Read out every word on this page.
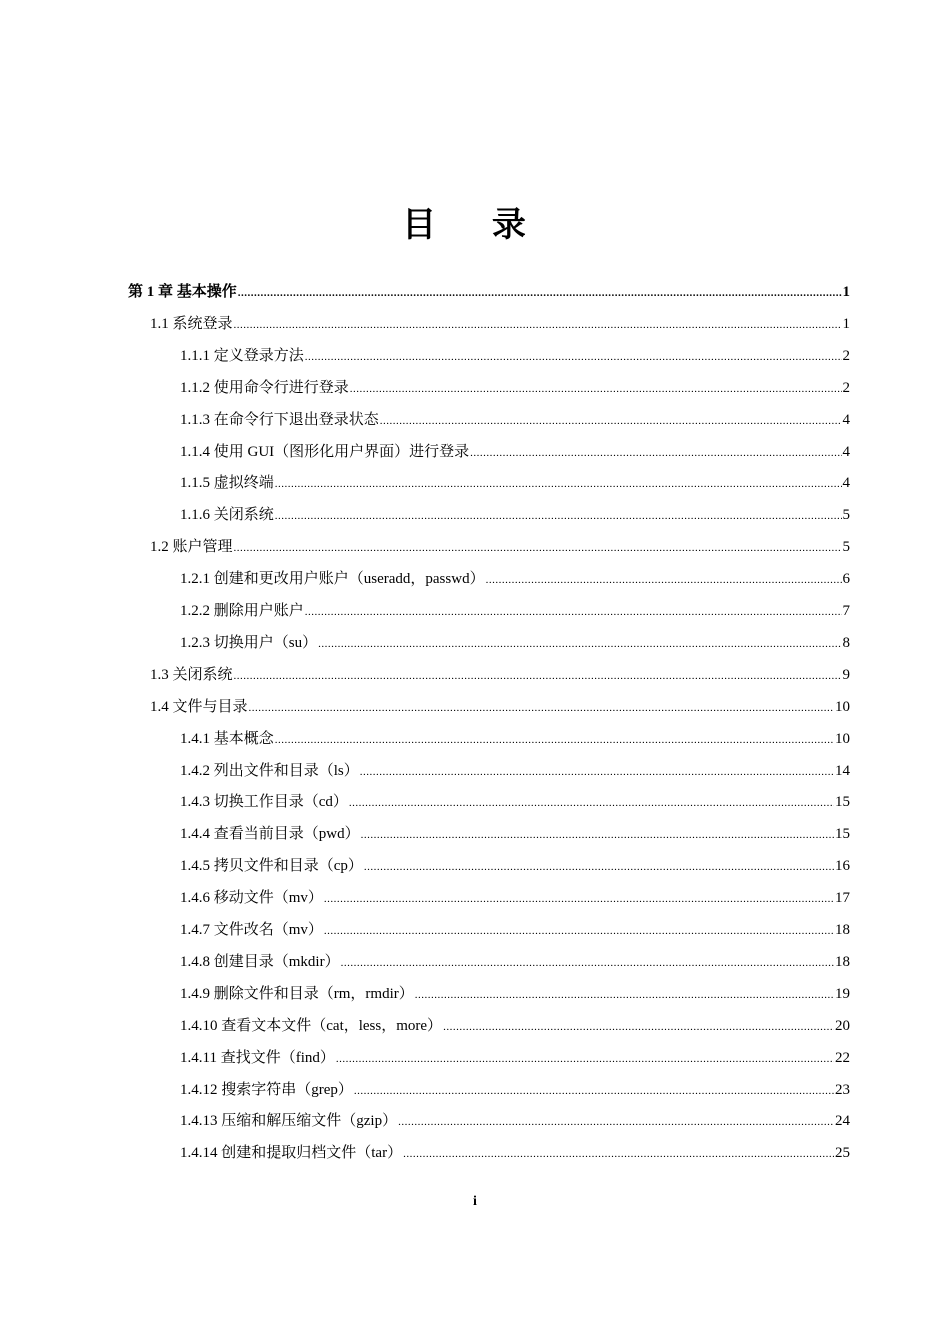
目 录
第 1 章 基本操作 .....	1
1.1 系统登录 .....	1
1.1.1 定义登录方法 .....	2
1.1.2 使用命令行进行登录 .....	2
1.1.3 在命令行下退出登录状态 .....	4
1.1.4 使用 GUI（图形化用户界面）进行登录 .....	4
1.1.5 虚拟终端 .....	4
1.1.6 关闭系统 .....	5
1.2 账户管理 .....	5
1.2.1 创建和更改用户账户（useradd，passwd） .....	6
1.2.2 删除用户账户 .....	7
1.2.3 切换用户（su） .....	8
1.3 关闭系统 .....	9
1.4 文件与目录 .....	10
1.4.1 基本概念 .....	10
1.4.2 列出文件和目录（ls） .....	14
1.4.3 切换工作目录（cd） .....	15
1.4.4 查看当前目录（pwd） .....	15
1.4.5 拷贝文件和目录（cp） .....	16
1.4.6 移动文件（mv） .....	17
1.4.7 文件改名（mv） .....	18
1.4.8 创建目录（mkdir） .....	18
1.4.9 删除文件和目录（rm，rmdir） .....	19
1.4.10 查看文本文件（cat，less，more） .....	20
1.4.11 查找文件（find） .....	22
1.4.12 搜索字符串（grep） .....	23
1.4.13 压缩和解压缩文件（gzip） .....	24
1.4.14 创建和提取归档文件（tar） .....	25
i
